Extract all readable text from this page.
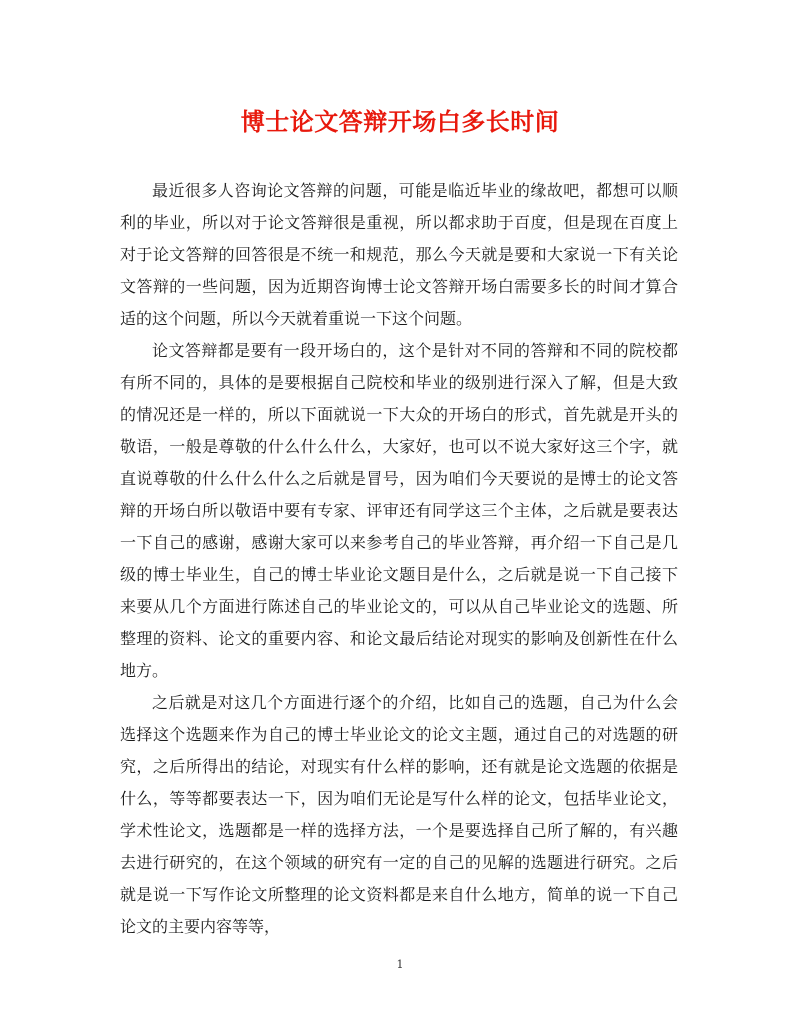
博士论文答辩开场白多长时间

最近很多人咨询论文答辩的问题，可能是临近毕业的缘故吧，都想可以顺利的毕业，所以对于论文答辩很是重视，所以都求助于百度，但是现在百度上对于论文答辩的回答很是不统一和规范，那么今天就是要和大家说一下有关论文答辩的一些问题，因为近期咨询博士论文答辩开场白需要多长的时间才算合适的这个问题，所以今天就着重说一下这个问题。

论文答辩都是要有一段开场白的，这个是针对不同的答辩和不同的院校都有所不同的，具体的是要根据自己院校和毕业的级别进行深入了解，但是大致的情况还是一样的，所以下面就说一下大众的开场白的形式，首先就是开头的敬语，一般是尊敬的什么什么什么，大家好，也可以不说大家好这三个字，就直说尊敬的什么什么什么之后就是冒号，因为咱们今天要说的是博士的论文答辩的开场白所以敬语中要有专家、评审还有同学这三个主体，之后就是要表达一下自己的感谢，感谢大家可以来参考自己的毕业答辩，再介绍一下自己是几级的博士毕业生，自己的博士毕业论文题目是什么，之后就是说一下自己接下来要从几个方面进行陈述自己的毕业论文的，可以从自己毕业论文的选题、所整理的资料、论文的重要内容、和论文最后结论对现实的影响及创新性在什么地方。

之后就是对这几个方面进行逐个的介绍，比如自己的选题，自己为什么会选择这个选题来作为自己的博士毕业论文的论文主题，通过自己的对选题的研究，之后所得出的结论，对现实有什么样的影响，还有就是论文选题的依据是什么，等等都要表达一下，因为咱们无论是写什么样的论文，包括毕业论文，学术性论文，选题都是一样的选择方法，一个是要选择自己所了解的，有兴趣去进行研究的，在这个领域的研究有一定的自己的见解的选题进行研究。之后就是说一下写作论文所整理的论文资料都是来自什么地方，简单的说一下自己论文的主要内容等等，

1
